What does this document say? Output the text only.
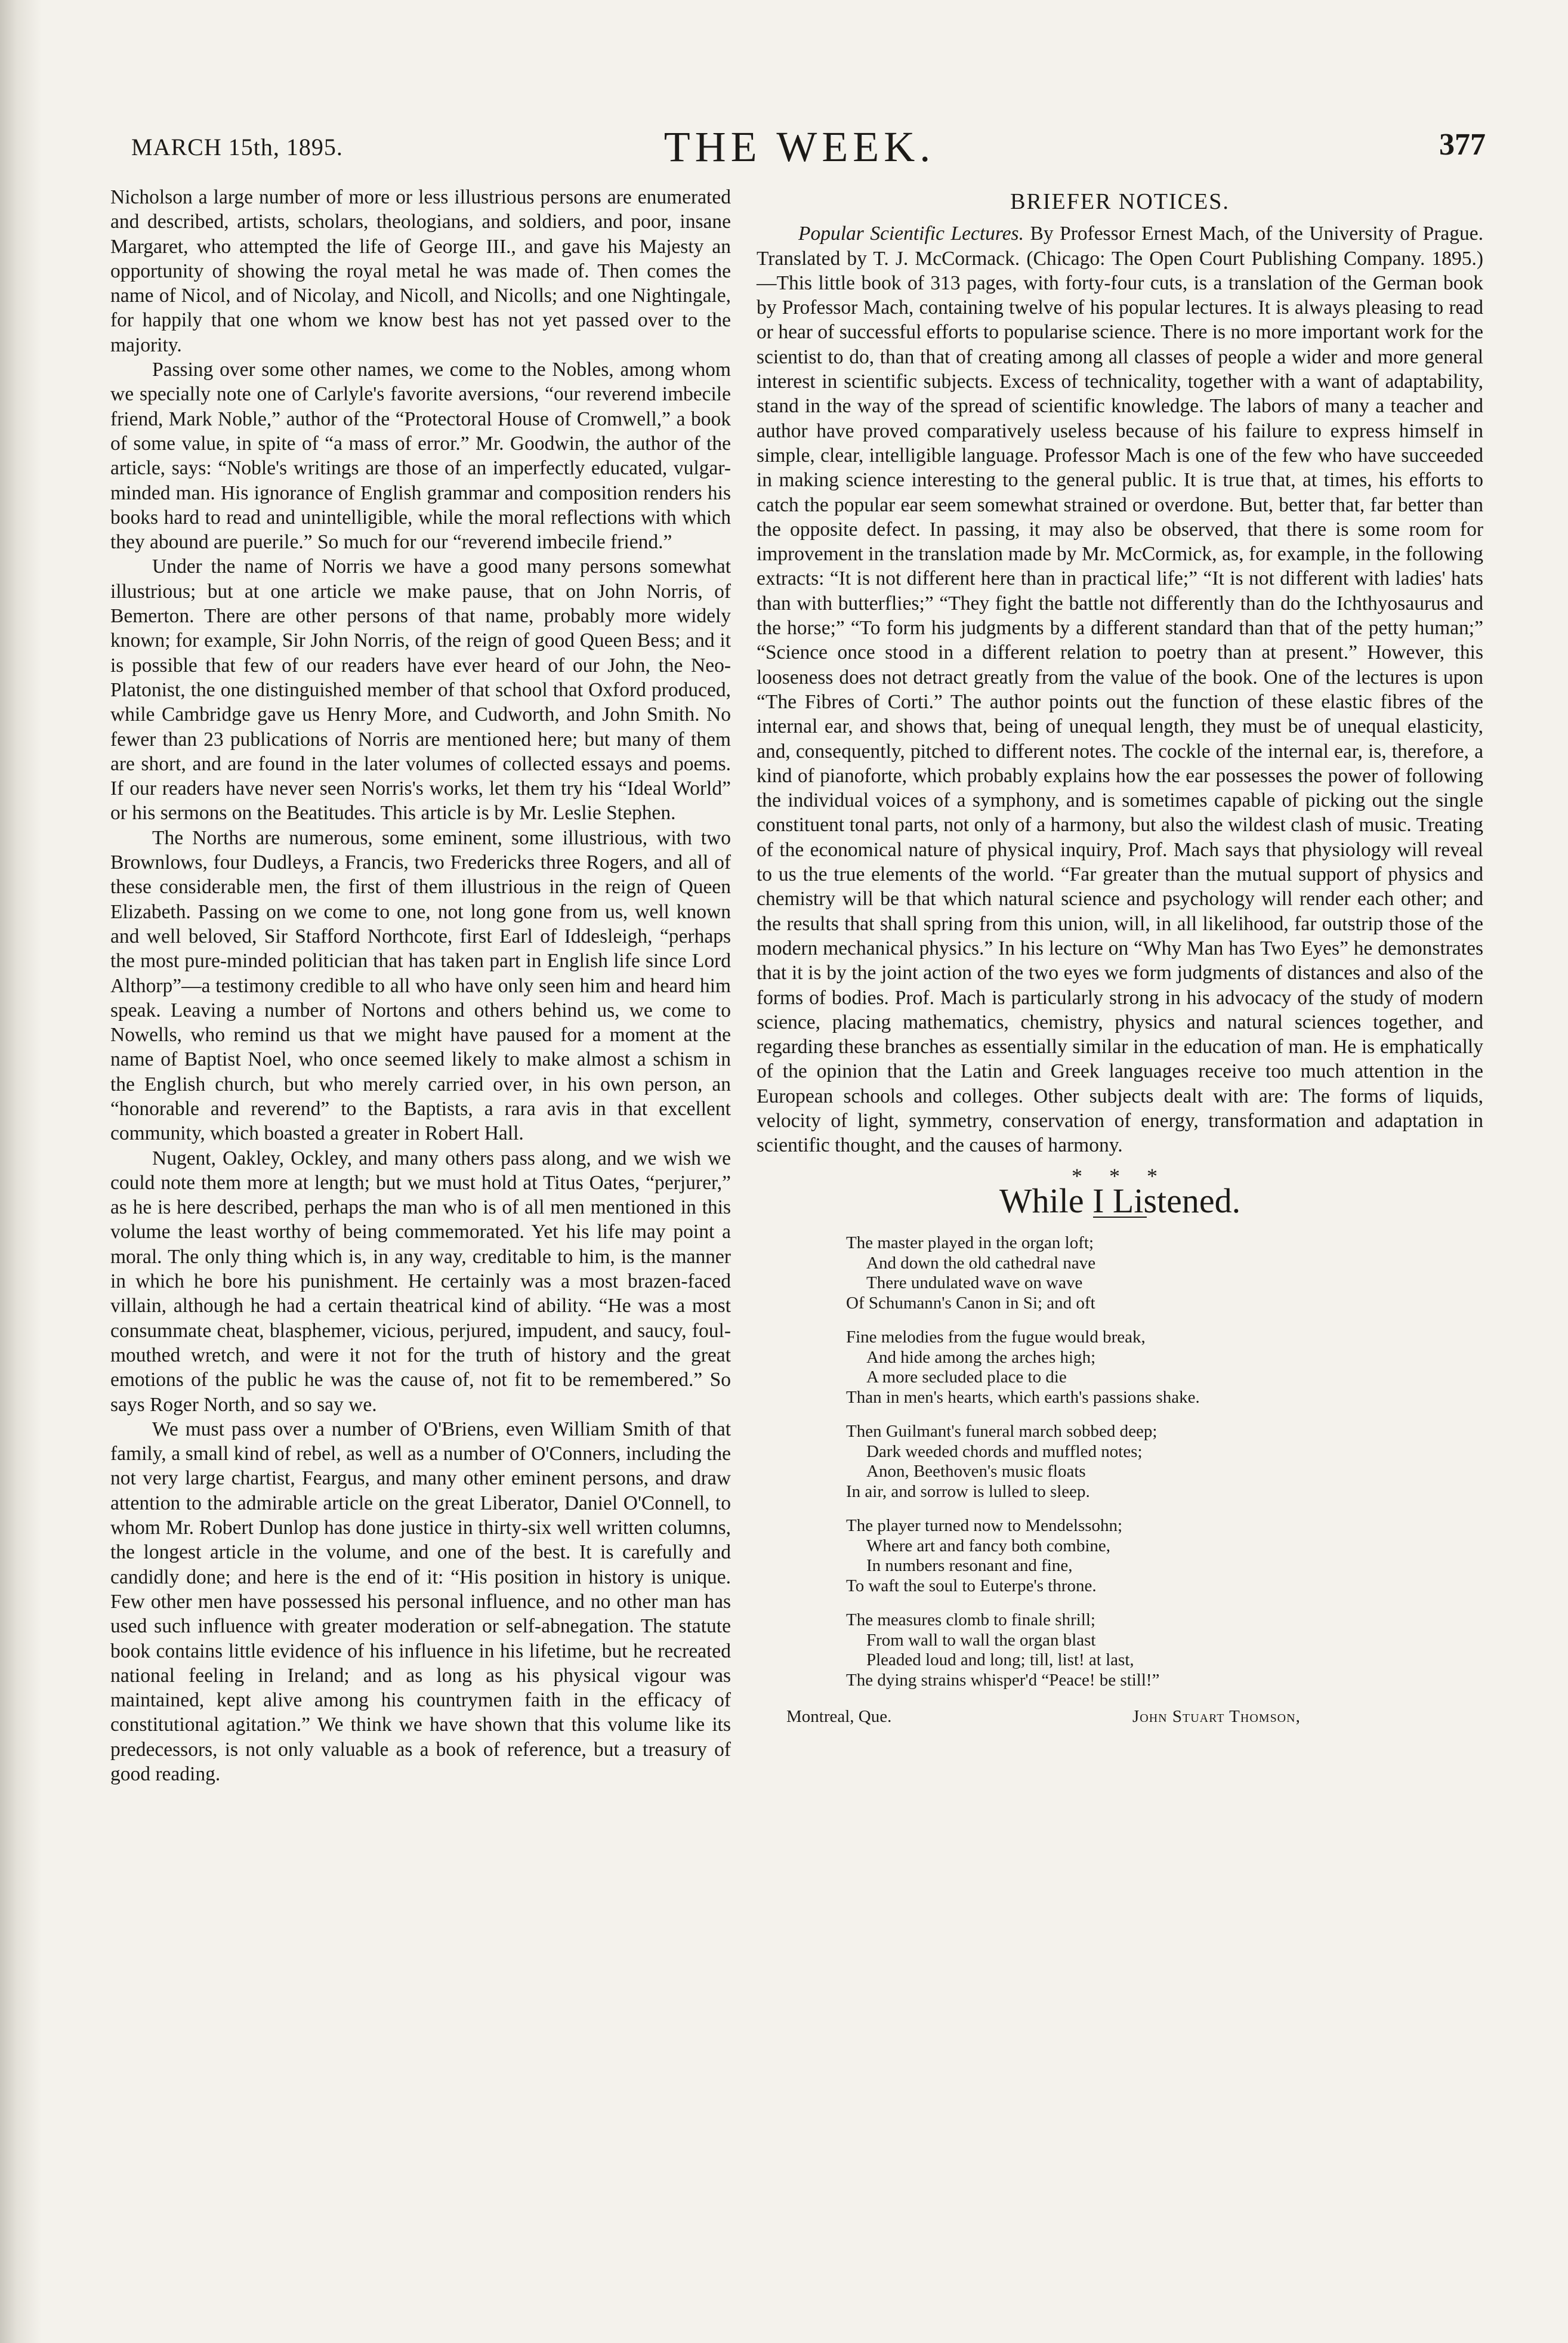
MARCH 15th, 1895.	THE WEEK.	377

Nicholson a large number of more or less illustrious persons are enumerated and described, artists, scholars, theologians, and soldiers, and poor, insane Margaret, who attempted the life of George III., and gave his Majesty an opportunity of showing the royal metal he was made of. Then comes the name of Nicol, and of Nicolay, and Nicoll, and Nicolls; and one Nightingale, for happily that one whom we know best has not yet passed over to the majority.

Passing over some other names, we come to the Nobles, among whom we specially note one of Carlyle's favorite aversions, “our reverend imbecile friend, Mark Noble,” author of the “Protectoral House of Cromwell,” a book of some value, in spite of “a mass of error.” Mr. Goodwin, the author of the article, says: “Noble's writings are those of an imperfectly educated, vulgar-minded man. His ignorance of English grammar and composition renders his books hard to read and unintelligible, while the moral reflections with which they abound are puerile.” So much for our “reverend imbecile friend.”

Under the name of Norris we have a good many persons somewhat illustrious; but at one article we make pause, that on John Norris, of Bemerton. There are other persons of that name, probably more widely known; for example, Sir John Norris, of the reign of good Queen Bess; and it is possible that few of our readers have ever heard of our John, the Neo-Platonist, the one distinguished member of that school that Oxford produced, while Cambridge gave us Henry More, and Cudworth, and John Smith. No fewer than 23 publications of Norris are mentioned here; but many of them are short, and are found in the later volumes of collected essays and poems. If our readers have never seen Norris's works, let them try his “Ideal World” or his sermons on the Beatitudes. This article is by Mr. Leslie Stephen.

The Norths are numerous, some eminent, some illustrious, with two Brownlows, four Dudleys, a Francis, two Fredericks three Rogers, and all of these considerable men, the first of them illustrious in the reign of Queen Elizabeth. Passing on we come to one, not long gone from us, well known and well beloved, Sir Stafford Northcote, first Earl of Iddesleigh, “perhaps the most pure-minded politician that has taken part in English life since Lord Althorp”—a testimony credible to all who have only seen him and heard him speak. Leaving a number of Nortons and others behind us, we come to Nowells, who remind us that we might have paused for a moment at the name of Baptist Noel, who once seemed likely to make almost a schism in the English church, but who merely carried over, in his own person, an “honorable and reverend” to the Baptists, a rara avis in that excellent community, which boasted a greater in Robert Hall.

Nugent, Oakley, Ockley, and many others pass along, and we wish we could note them more at length; but we must hold at Titus Oates, “perjurer,” as he is here described, perhaps the man who is of all men mentioned in this volume the least worthy of being commemorated. Yet his life may point a moral. The only thing which is, in any way, creditable to him, is the manner in which he bore his punishment. He certainly was a most brazen-faced villain, although he had a certain theatrical kind of ability. “He was a most consummate cheat, blasphemer, vicious, perjured, impudent, and saucy, foul-mouthed wretch, and were it not for the truth of history and the great emotions of the public he was the cause of, not fit to be remembered.” So says Roger North, and so say we.

We must pass over a number of O'Briens, even William Smith of that family, a small kind of rebel, as well as a number of O'Conners, including the not very large chartist, Feargus, and many other eminent persons, and draw attention to the admirable article on the great Liberator, Daniel O'Connell, to whom Mr. Robert Dunlop has done justice in thirty-six well written columns, the longest article in the volume, and one of the best. It is carefully and candidly done; and here is the end of it: “His position in history is unique. Few other men have possessed his personal influence, and no other man has used such influence with greater moderation or self-abnegation. The statute book contains little evidence of his influence in his lifetime, but he recreated national feeling in Ireland; and as long as his physical vigour was maintained, kept alive among his countrymen faith in the efficacy of constitutional agitation.” We think we have shown that this volume like its predecessors, is not only valuable as a book of reference, but a treasury of good reading.

BRIEFER NOTICES.

Popular Scientific Lectures. By Professor Ernest Mach, of the University of Prague. Translated by T. J. McCormack. (Chicago: The Open Court Publishing Company. 1895.)—This little book of 313 pages, with forty-four cuts, is a translation of the German book by Professor Mach, containing twelve of his popular lectures. It is always pleasing to read or hear of successful efforts to popularise science. There is no more important work for the scientist to do, than that of creating among all classes of people a wider and more general interest in scientific subjects. Excess of technicality, together with a want of adaptability, stand in the way of the spread of scientific knowledge. The labors of many a teacher and author have proved comparatively useless because of his failure to express himself in simple, clear, intelligible language. Professor Mach is one of the few who have succeeded in making science interesting to the general public. It is true that, at times, his efforts to catch the popular ear seem somewhat strained or overdone. But, better that, far better than the opposite defect. In passing, it may also be observed, that there is some room for improvement in the translation made by Mr. McCormick, as, for example, in the following extracts: “It is not different here than in practical life;” “It is not different with ladies' hats than with butterflies;” “They fight the battle not differently than do the Ichthyosaurus and the horse;” “To form his judgments by a different standard than that of the petty human;” “Science once stood in a different relation to poetry than at present.” However, this looseness does not detract greatly from the value of the book. One of the lectures is upon “The Fibres of Corti.” The author points out the function of these elastic fibres of the internal ear, and shows that, being of unequal length, they must be of unequal elasticity, and, consequently, pitched to different notes. The cockle of the internal ear, is, therefore, a kind of pianoforte, which probably explains how the ear possesses the power of following the individual voices of a symphony, and is sometimes capable of picking out the single constituent tonal parts, not only of a harmony, but also the wildest clash of music. Treating of the economical nature of physical inquiry, Prof. Mach says that physiology will reveal to us the true elements of the world. “Far greater than the mutual support of physics and chemistry will be that which natural science and psychology will render each other; and the results that shall spring from this union, will, in all likelihood, far outstrip those of the modern mechanical physics.” In his lecture on “Why Man has Two Eyes” he demonstrates that it is by the joint action of the two eyes we form judgments of distances and also of the forms of bodies. Prof. Mach is particularly strong in his advocacy of the study of modern science, placing mathematics, chemistry, physics and natural sciences together, and regarding these branches as essentially similar in the education of man. He is emphatically of the opinion that the Latin and Greek languages receive too much attention in the European schools and colleges. Other subjects dealt with are: The forms of liquids, velocity of light, symmetry, conservation of energy, transformation and adaptation in scientific thought, and the causes of harmony.

* * *
While I Listened.
The master played in the organ loft;
And down the old cathedral nave
There undulated wave on wave
Of Schumann's Canon in Si; and oft
Fine melodies from the fugue would break,
And hide among the arches high;
A more secluded place to die
Than in men's hearts, which earth's passions shake.
Then Guilmant's funeral march sobbed deep;
Dark weeded chords and muffled notes;
Anon, Beethoven's music floats
In air, and sorrow is lulled to sleep.
The player turned now to Mendelssohn;
Where art and fancy both combine,
In numbers resonant and fine,
To waft the soul to Euterpe's throne.
The measures clomb to finale shrill;
From wall to wall the organ blast
Pleaded loud and long; till, list! at last,
The dying strains whisper'd “Peace! be still!”
Montreal, Que.	John Stuart Thomson,
